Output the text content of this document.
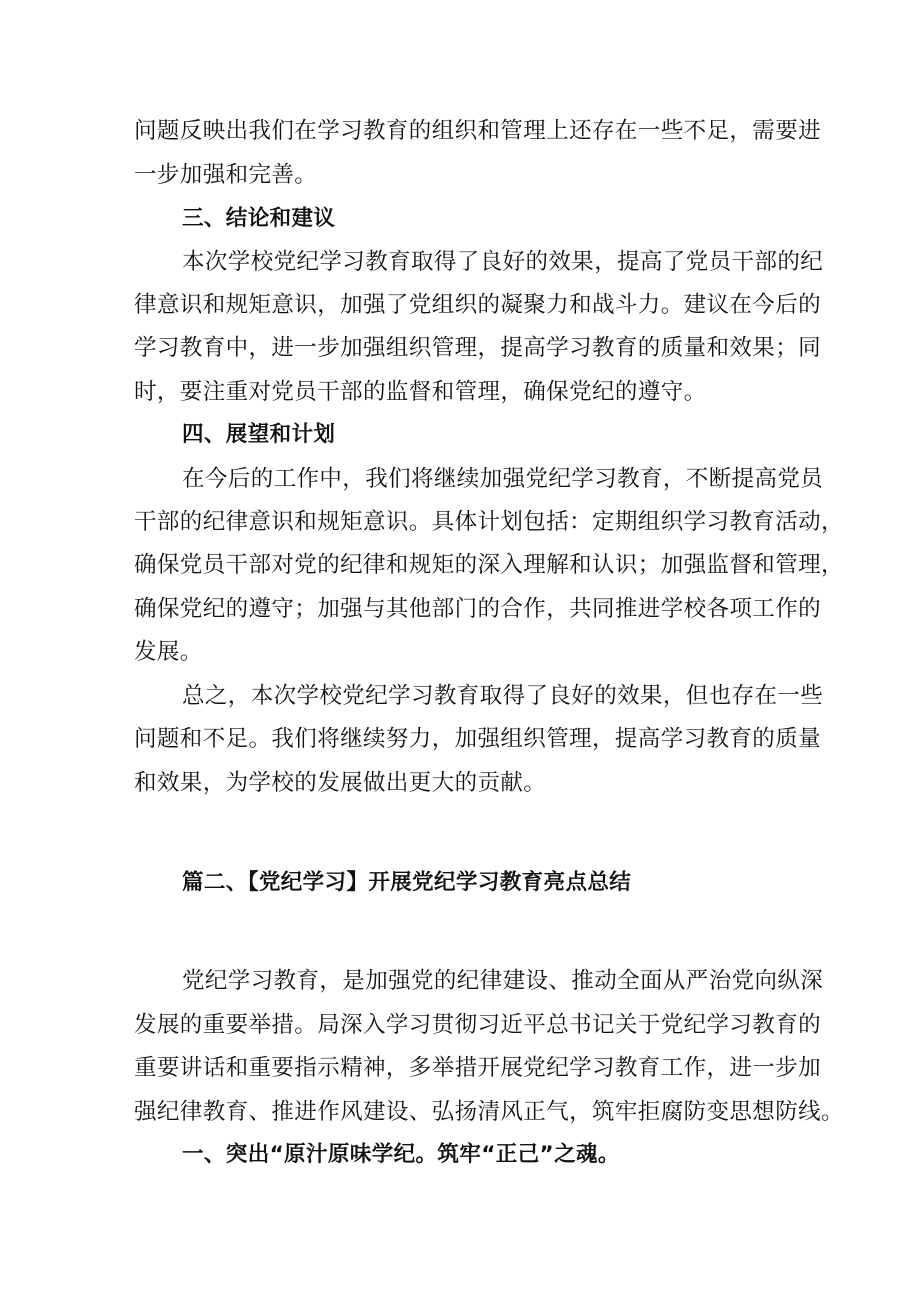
问题反映出我们在学习教育的组织和管理上还存在一些不足，需要进
一步加强和完善。
三、结论和建议
本次学校党纪学习教育取得了良好的效果，提高了党员干部的纪
律意识和规矩意识，加强了党组织的凝聚力和战斗力。建议在今后的
学习教育中，进一步加强组织管理，提高学习教育的质量和效果；同
时，要注重对党员干部的监督和管理，确保党纪的遵守。
四、展望和计划
在今后的工作中，我们将继续加强党纪学习教育，不断提高党员
干部的纪律意识和规矩意识。具体计划包括：定期组织学习教育活动，
确保党员干部对党的纪律和规矩的深入理解和认识；加强监督和管理，
确保党纪的遵守；加强与其他部门的合作，共同推进学校各项工作的
发展。
总之，本次学校党纪学习教育取得了良好的效果，但也存在一些
问题和不足。我们将继续努力，加强组织管理，提高学习教育的质量
和效果，为学校的发展做出更大的贡献。
篇二、【党纪学习】开展党纪学习教育亮点总结
党纪学习教育，是加强党的纪律建设、推动全面从严治党向纵深
发展的重要举措。局深入学习贯彻习近平总书记关于党纪学习教育的
重要讲话和重要指示精神，多举措开展党纪学习教育工作，进一步加
强纪律教育、推进作风建设、弘扬清风正气，筑牢拒腐防变思想防线。
一、突出“原汁原味学纪。筑牢“正己”之魂。
